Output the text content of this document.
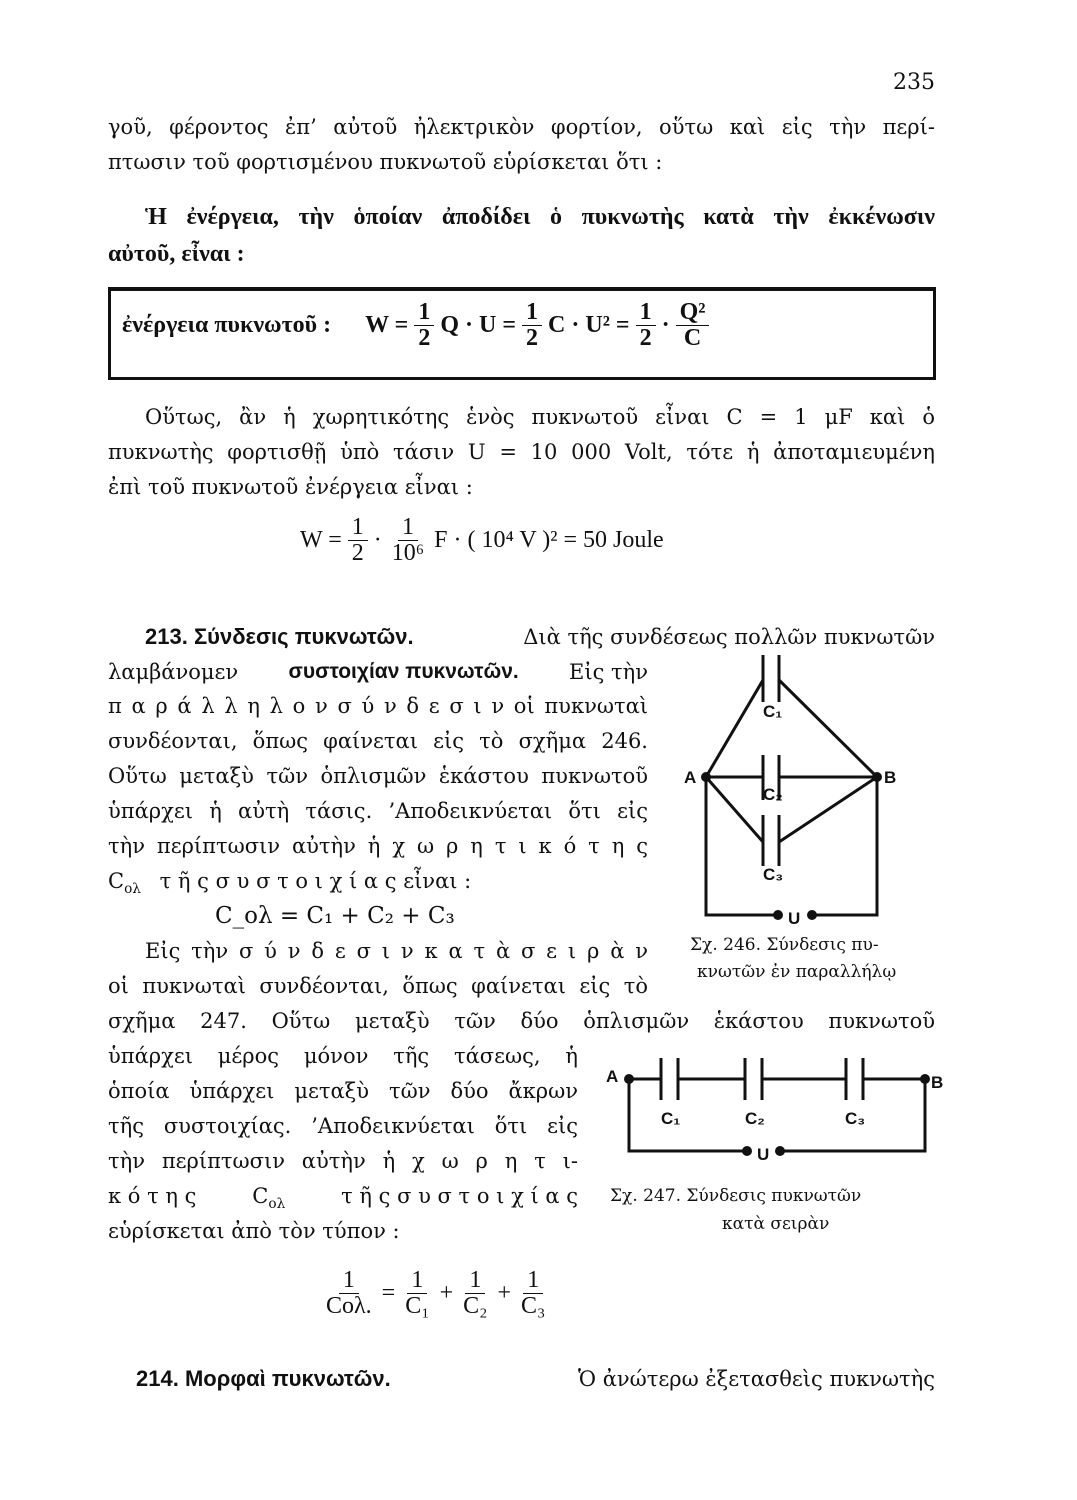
235
γοῦ, φέροντος ἐπ’ αὐτοῦ ἠλεκτρικὸν φορτίον, οὕτω καὶ εἰς τὴν περί-
πτωσιν τοῦ φορτισμένου πυκνωτοῦ εὑρίσκεται ὅτι :
Ἡ ἐνέργεια, τὴν ὁποίαν ἀποδίδει ὁ πυκνωτὴς κατὰ τὴν ἐκκένωσιν
αὐτοῦ, εἶναι :
ἐνέργεια πυκνωτοῦ : $W = \frac{1}{2}$ $Q \cdot U = \frac{1}{2}$ $C \cdot U^2 = \frac{1}{2} \cdot \frac{\text{Q²}}{C}$
Οὕτως, ἂν ἡ χωρητικότης ἑνὸς πυκνωτοῦ εἶναι C = 1 μF καὶ ὁ
πυκνωτὴς φορτισθῇ ὑπὸ τάσιν U = 10 000 Volt, τότε ἡ ἀποταμιευμένη
ἐπὶ τοῦ πυκνωτοῦ ἐνέργεια εἶναι :
$W = \frac{1}{2} \cdot \frac{1}{\text{10⁶}}$ F · ( 10⁴ V )² = 50 Joule
213. Σύνδεσις πυκνωτῶν.	Διὰ τῆς συνδέσεως πολλῶν πυκνωτῶν
λαμβάνομεν συστοιχίαν πυκνωτῶν. Εἰς τὴν
π α ρ ά λ λ η λ ο ν σ ύ ν δ ε σ ι ν οἱ πυκνωταὶ
συνδέονται, ὅπως φαίνεται εἰς τὸ σχῆμα 246.
Οὕτω μεταξὺ τῶν ὁπλισμῶν ἑκάστου πυκνωτοῦ
ὑπάρχει ἡ αὐτὴ τάσις. ’Αποδεικνύεται ὅτι εἰς
τὴν περίπτωσιν αὐτὴν ἡ χ ω ρ η τ ι κ ό τ η ς
$C_{o\lambda}$ τ ῆ ς σ υ σ τ ο ι χ ί α ς εἶναι :
C_ολ = C₁ + C₂ + C₃
Εἰς τὴν σ ύ ν δ ε σ ι ν κ α τ ὰ σ ε ι ρ ὰ ν
οἱ πυκνωταὶ συνδέονται, ὅπως φαίνεται εἰς τὸ
σχῆμα 247. Οὕτω μεταξὺ τῶν δύο ὁπλισμῶν ἑκάστου πυκνωτοῦ
ὑπάρχει μέρος μόνον τῆς τάσεως, ἡ
ὁποία ὑπάρχει μεταξὺ τῶν δύο ἄκρων
τῆς συστοιχίας. ’Αποδεικνύεται ὅτι εἰς
τὴν περίπτωσιν αὐτὴν ἡ χ ω ρ η τ ι-
κ ό τ η ς	$C_{o\lambda}$	τ ῆ ς σ υ σ τ ο ι χ ί α ς
εὑρίσκεται ἀπὸ τὸν τύπον :
$\frac{1}{\text{Cολ.}} = \frac{1}{\text{C₁}} + \frac{1}{\text{C₂}} + \frac{1}{\text{C₃}}$
214. Μορφαὶ πυκνωτῶν.	Ὁ ἀνώτερω ἐξετασθεὶς πυκνωτὴς
A	B
C₁
C₂
C₃
U
Σχ. 246. Σύνδεσις πυ-
κνωτῶν ἐν παραλλήλῳ
A	B
C₁	C₂	C₃
U
Σχ. 247. Σύνδεσις πυκνωτῶν
κατὰ σειρὰν
